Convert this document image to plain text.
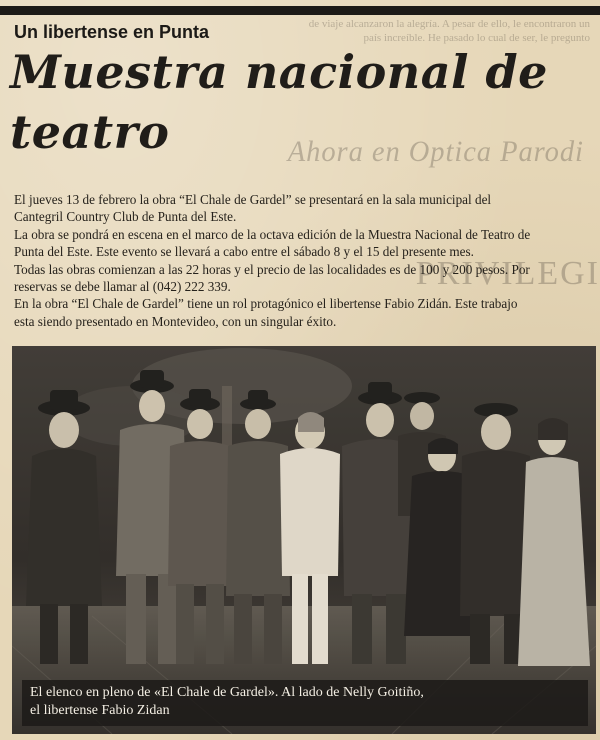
de viaje alcanzaron la alegría. A pesar de ello, le encontraron un país increíble. He pasado lo cual de ser, le pregunto
Ahora en Optica Parodi
PRIVILEGI
Un libertense en Punta
Muestra nacional de
teatro

El jueves 13 de febrero la obra “El Chale de Gardel” se presentará en la sala municipal del

Cantegril Country Club de Punta del Este.

La obra se pondrá en escena en el marco de la octava edición de la Muestra Nacional de Teatro de

Punta del Este. Este evento se llevará a cabo entre el sábado 8 y el 15 del presente mes.

Todas las obras comienzan a las 22 horas y el precio de las localidades es de 100 y 200 pesos. Por

reservas se debe llamar al (042) 222 339.

En la obra “El Chale de Gardel” tiene un rol protagónico el libertense Fabio Zidán. Este trabajo

esta siendo presentado en Montevideo, con un singular éxito.

El elenco en pleno de «El Chale de Gardel». Al lado de Nelly Goitiño,
el libertense Fabio Zidan
